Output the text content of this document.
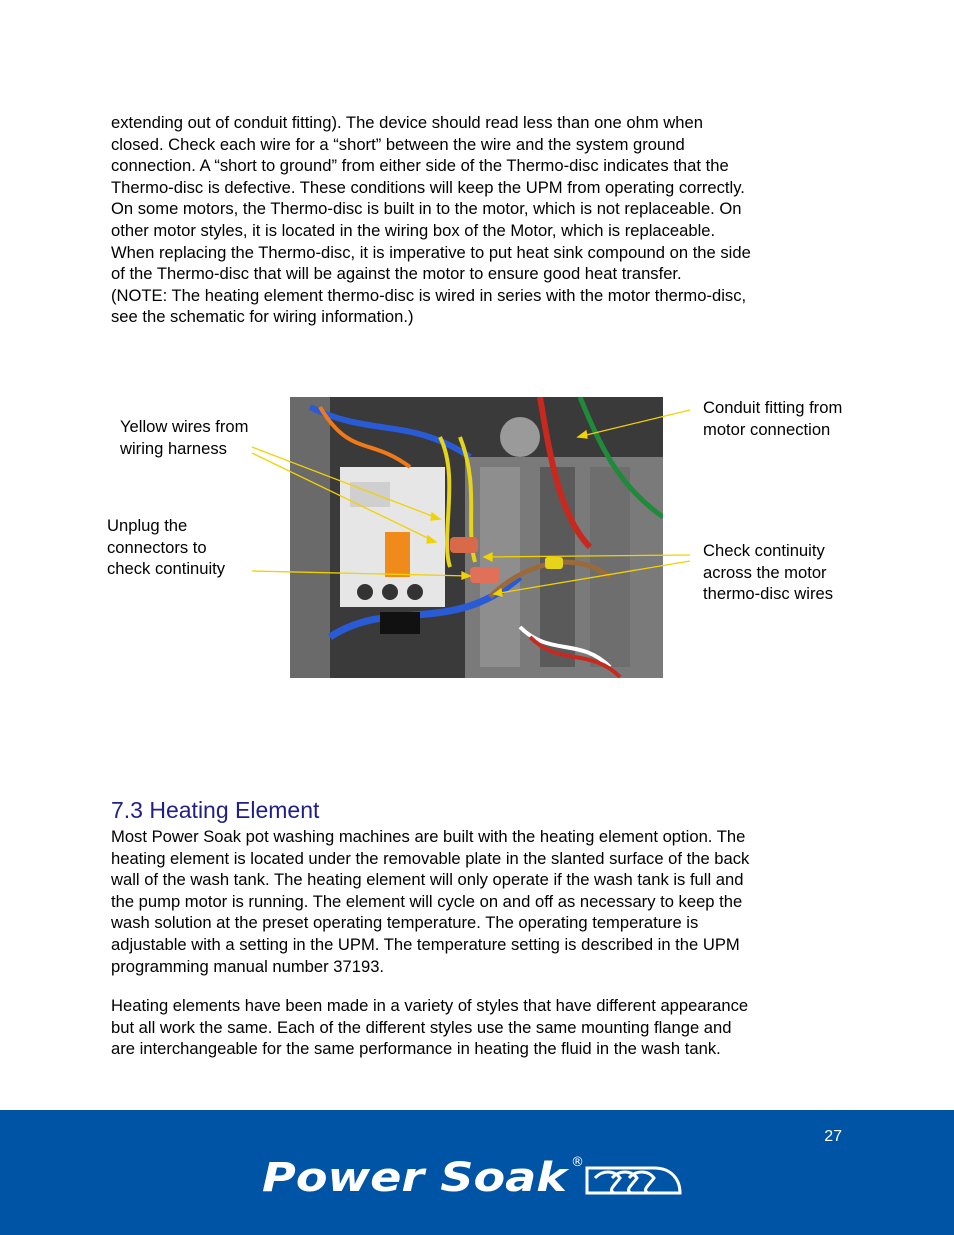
extending out of conduit fitting). The device should read less than one ohm when
closed. Check each wire for a “short” between the wire and the system ground
connection. A “short to ground” from either side of the Thermo-disc indicates that the
Thermo-disc is defective. These conditions will keep the UPM from operating correctly.
On some motors, the Thermo-disc is built in to the motor, which is not replaceable. On
other motor styles, it is located in the wiring box of the Motor, which is replaceable.
When replacing the Thermo-disc, it is imperative to put heat sink compound on the side
of the Thermo-disc that will be against the motor to ensure good heat transfer.
(NOTE: The heating element thermo-disc is wired in series with the motor thermo-disc,
see the schematic for wiring information.)
Yellow wires from
wiring harness
Unplug the
connectors to
check continuity
Conduit fitting from
motor connection
Check continuity
across the motor
thermo-disc wires
7.3 Heating Element
Most Power Soak pot washing machines are built with the heating element option. The
heating element is located under the removable plate in the slanted surface of the back
wall of the wash tank. The heating element will only operate if the wash tank is full and
the pump motor is running. The element will cycle on and off as necessary to keep the
wash solution at the preset operating temperature. The operating temperature is
adjustable with a setting in the UPM. The temperature setting is described in the UPM
programming manual number 37193.
Heating elements have been made in a variety of styles that have different appearance
but all work the same. Each of the different styles use the same mounting flange and
are interchangeable for the same performance in heating the fluid in the wash tank.
27
Power Soak ®
